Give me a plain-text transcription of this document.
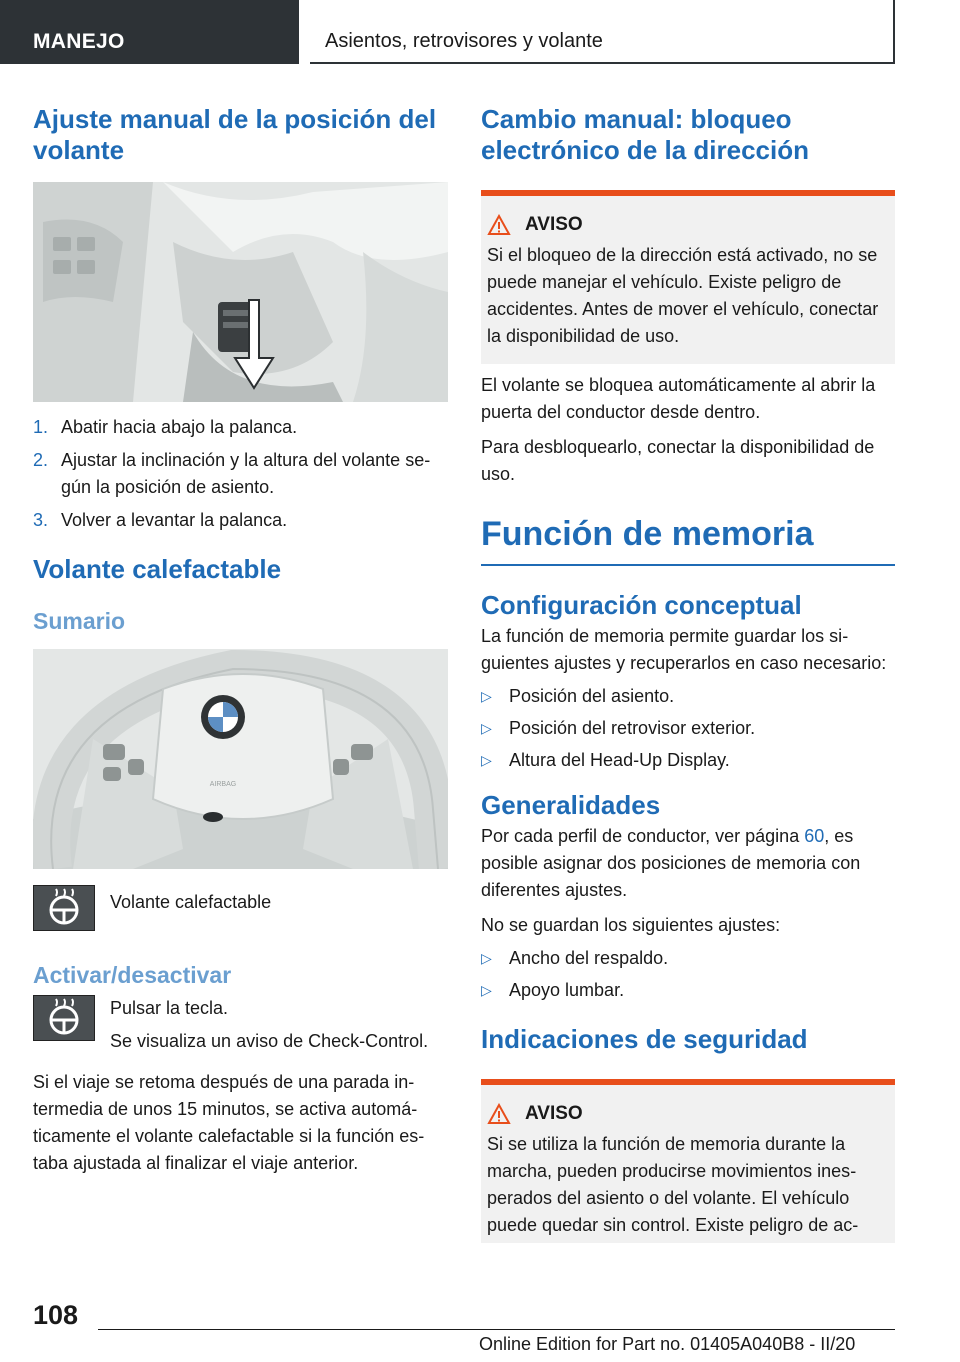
MANEJO	Asientos, retrovisores y volante
Ajuste manual de la posición del volante
1. Abatir hacia abajo la palanca.
2. Ajustar la inclinación y la altura del volante según la posición de asiento.
3. Volver a levantar la palanca.
Volante calefactable
Sumario
AIRBAG

Volante calefactable

Activar/desactivar

Pulsar la tecla.

Se visualiza un aviso de Check-Control.

Si el viaje se retoma después de una parada intermedia de unos 15 minutos, se activa automáticamente el volante calefactable si la función estaba ajustada al finalizar el viaje anterior.

Cambio manual: bloqueo electrónico de la dirección
AVISO

Si el bloqueo de la dirección está activado, no se puede manejar el vehículo. Existe peligro de accidentes. Antes de mover el vehículo, conectar la disponibilidad de uso.

El volante se bloquea automáticamente al abrir la puerta del conductor desde dentro.

Para desbloquearlo, conectar la disponibilidad de uso.

Función de memoria
Configuración conceptual

La función de memoria permite guardar los siguientes ajustes y recuperarlos en caso necesario:

▷ Posición del asiento.
▷ Posición del retrovisor exterior.
▷ Altura del Head-Up Display.
Generalidades

Por cada perfil de conductor, ver página 60, es posible asignar dos posiciones de memoria con diferentes ajustes.

No se guardan los siguientes ajustes:

▷ Ancho del respaldo.
▷ Apoyo lumbar.
Indicaciones de seguridad
AVISO

Si se utiliza la función de memoria durante la marcha, pueden producirse movimientos inesperados del asiento o del volante. El vehículo puede quedar sin control. Existe peligro de ac-

108
Online Edition for Part no. 01405A040B8 - II/20
